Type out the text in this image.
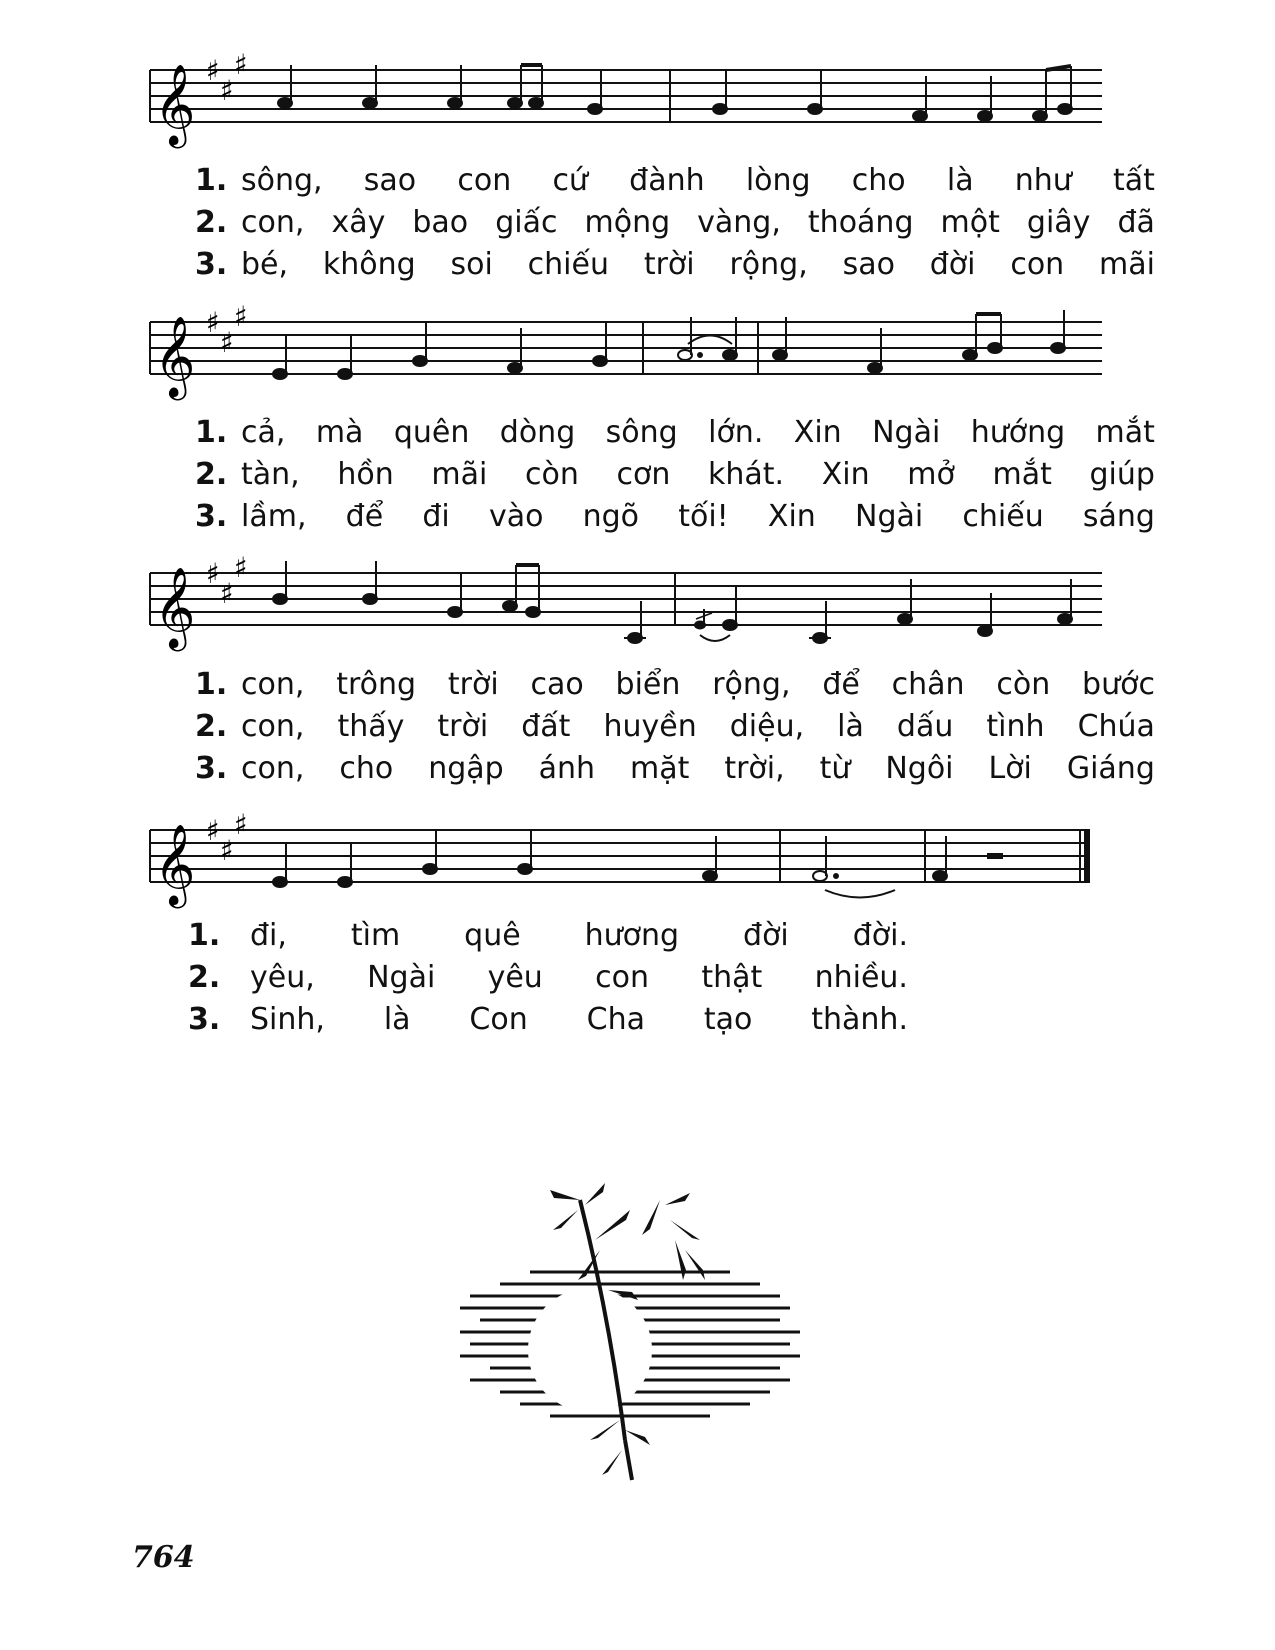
𝄞 ♯
♯
♯
1. sông, sao con cứ đành lòng cho là như tất
2. con, xây bao giấc mộng vàng, thoáng một giây đã
3. bé, không soi chiếu trời rộng, sao đời con mãi
𝄞 ♯
♯
♯
1. cả, mà quên dòng sông lớn. Xin Ngài hướng mắt
2. tàn, hồn mãi còn cơn khát. Xin mở mắt giúp
3. lầm, để đi vào ngõ tối! Xin Ngài chiếu sáng
𝄞 ♯
♯
♯
1. con, trông trời cao biển rộng, để chân còn bước
2. con, thấy trời đất huyền diệu, là dấu tình Chúa
3. con, cho ngập ánh mặt trời, từ Ngôi Lời Giáng
𝄞 ♯
♯
♯
1. đi, tìm quê hương đời đời.
2. yêu, Ngài yêu con thật nhiều.
3. Sinh, là Con Cha tạo thành.
764
